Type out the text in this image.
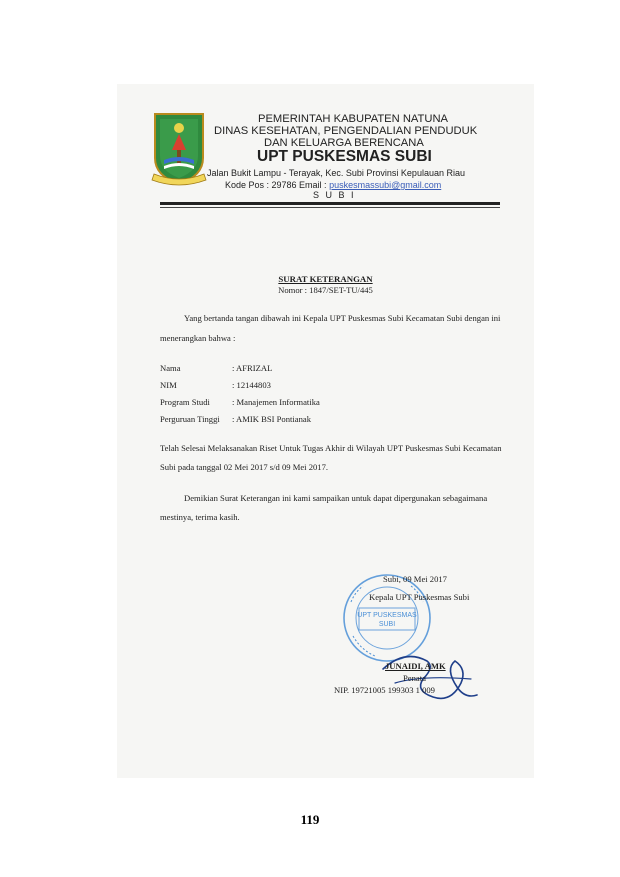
PEMERINTAH KABUPATEN NATUNA
DINAS KESEHATAN, PENGENDALIAN PENDUDUK
DAN KELUARGA BERENCANA
UPT PUSKESMAS SUBI
Jalan Bukit Lampu - Terayak, Kec. Subi Provinsi Kepulauan Riau
Kode Pos : 29786 Email : puskesmassubi@gmail.com
S U B I
SURAT KETERANGAN
Nomor : 1847/SET-TU/445
Yang bertanda tangan dibawah ini Kepala UPT Puskesmas Subi Kecamatan Subi dengan ini
menerangkan bahwa :
Nama	: AFRIZAL
NIM	: 12144803
Program Studi	: Manajemen Informatika
Perguruan Tinggi : AMIK BSI Pontianak
Telah Selesai Melaksanakan Riset Untuk Tugas Akhir di Wilayah UPT Puskesmas Subi Kecamatan
Subi pada tanggal 02 Mei 2017 s/d 09 Mei 2017.
Demikian Surat Keterangan ini kami sampaikan untuk dapat dipergunakan sebagaimana
mestinya, terima kasih.
UPT PUSKESMAS
SUBI
Subi, 09 Mei 2017
Kepala UPT Puskesmas Subi
JUNAIDI, AMK
Penata
NIP. 19721005 199303 1 009
119
